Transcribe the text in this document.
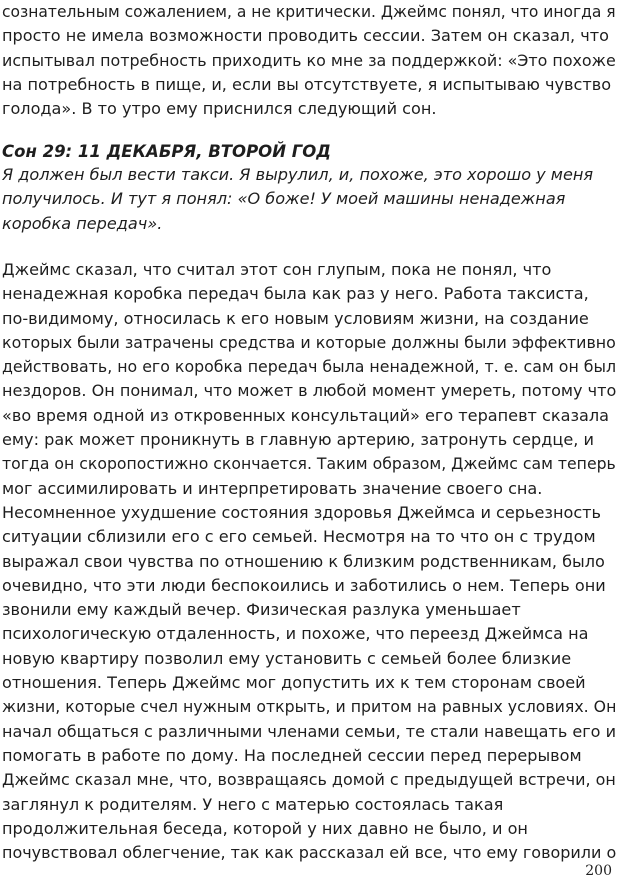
сознательным сожалением, а не критически. Джеймс понял, что иногда я
просто не имела возможности проводить сессии. Затем он сказал, что
испытывал потребность приходить ко мне за поддержкой: «Это похоже
на потребность в пище, и, если вы отсутствуете, я испытываю чувство
голода». В то утро ему приснился следующий сон.
Сон 29: 11 ДЕКАБРЯ, ВТОРОЙ ГОД
Я должен был вести такси. Я вырулил, и, похоже, это хорошо у меня
получилось. И тут я понял: «О боже! У моей машины ненадежная
коробка передач».
Джеймс сказал, что считал этот сон глупым, пока не понял, что
ненадежная коробка передач была как раз у него. Работа таксиста,
по-видимому, относилась к его новым условиям жизни, на создание
которых были затрачены средства и которые должны были эффективно
действовать, но его коробка передач была ненадежной, т. е. сам он был
нездоров. Он понимал, что может в любой момент умереть, потому что
«во время одной из откровенных консультаций» его терапевт сказала
ему: рак может проникнуть в главную артерию, затронуть сердце, и
тогда он скоропостижно скончается. Таким образом, Джеймс сам теперь
мог ассимилировать и интерпретировать значение своего сна.
Несомненное ухудшение состояния здоровья Джеймса и серьезность
ситуации сблизили его с его семьей. Несмотря на то что он с трудом
выражал свои чувства по отношению к близким родственникам, было
очевидно, что эти люди беспокоились и заботились о нем. Теперь они
звонили ему каждый вечер. Физическая разлука уменьшает
психологическую отдаленность, и похоже, что переезд Джеймса на
новую квартиру позволил ему установить с семьей более близкие
отношения. Теперь Джеймс мог допустить их к тем сторонам своей
жизни, которые счел нужным открыть, и притом на равных условиях. Он
начал общаться с различными членами семьи, те стали навещать его и
помогать в работе по дому. На последней сессии перед перерывом
Джеймс сказал мне, что, возвращаясь домой с предыдущей встречи, он
заглянул к родителям. У него с матерью состоялась такая
продолжительная беседа, которой у них давно не было, и он
почувствовал облегчение, так как рассказал ей все, что ему говорили о
200
